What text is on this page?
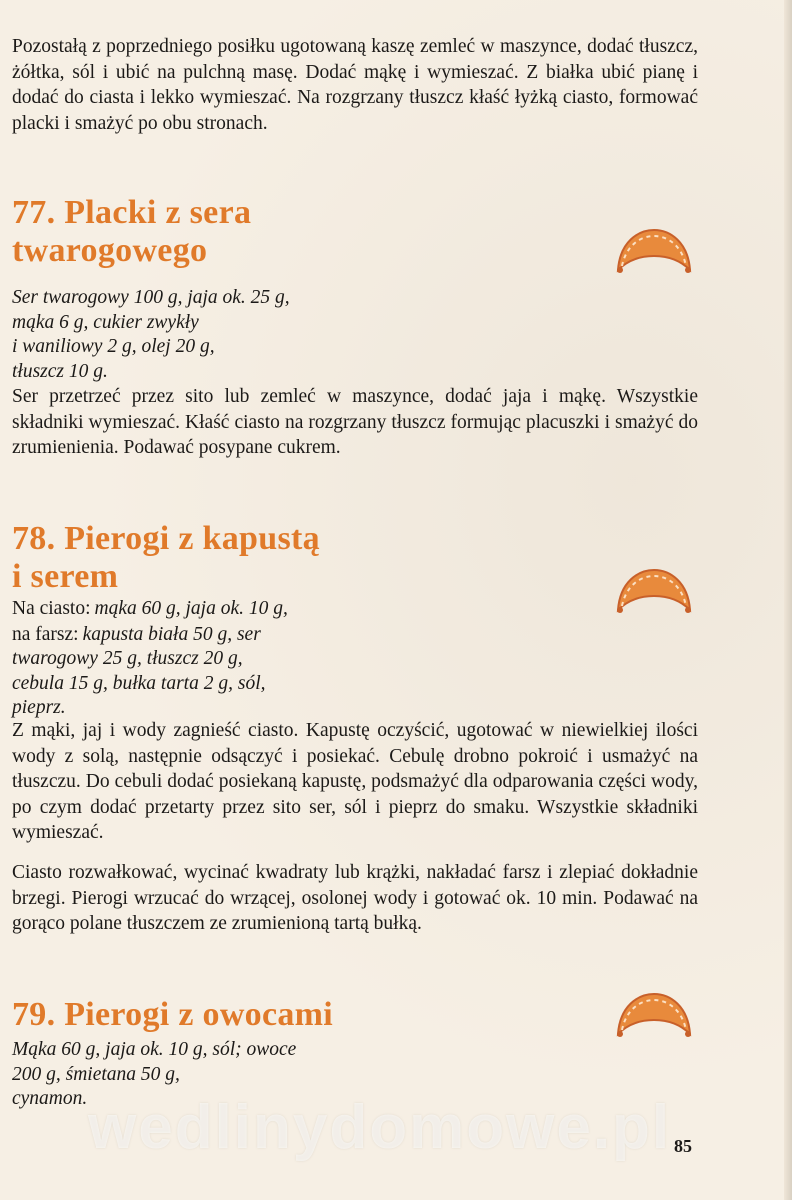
Pozostałą z poprzedniego posiłku ugotowaną kaszę zemleć w maszynce, dodać tłuszcz, żółtka, sól i ubić na pulchną masę. Dodać mąkę i wymieszać. Z białka ubić pianę i dodać do ciasta i lekko wymieszać. Na rozgrzany tłuszcz kłaść łyżką ciasto, formować placki i smażyć po obu stronach.

77. Placki z sera
twarogowego

Ser twarogowy 100 g, jaja ok. 25 g,
mąka 6 g, cukier zwykły
i waniliowy 2 g, olej 20 g,
tłuszcz 10 g.

Ser przetrzeć przez sito lub zemleć w maszynce, dodać jaja i mąkę. Wszystkie składniki wymieszać. Kłaść ciasto na rozgrzany tłuszcz formując placuszki i smażyć do zrumienienia. Podawać posypane cukrem.

78. Pierogi z kapustą
i serem
Na ciasto: mąka 60 g, jaja ok. 10 g,
na farsz: kapusta biała 50 g, ser
twarogowy 25 g, tłuszcz 20 g,
cebula 15 g, bułka tarta 2 g, sól,
pieprz.

Z mąki, jaj i wody zagnieść ciasto. Kapustę oczyścić, ugotować w niewielkiej ilości wody z solą, następnie odsączyć i posiekać. Cebulę drobno pokroić i usmażyć na tłuszczu. Do cebuli dodać posiekaną kapustę, podsmażyć dla odparowania części wody, po czym dodać przetarty przez sito ser, sól i pieprz do smaku. Wszystkie składniki wymieszać.

Ciasto rozwałkować, wycinać kwadraty lub krążki, nakładać farsz i zlepiać dokładnie brzegi. Pierogi wrzucać do wrzącej, osolonej wody i gotować ok. 10 min. Podawać na gorąco polane tłuszczem ze zrumienioną tartą bułką.

79. Pierogi z owocami

Mąka 60 g, jaja ok. 10 g, sól; owoce
200 g, śmietana 50 g,
cynamon. wedlinydomowe.pl 85
